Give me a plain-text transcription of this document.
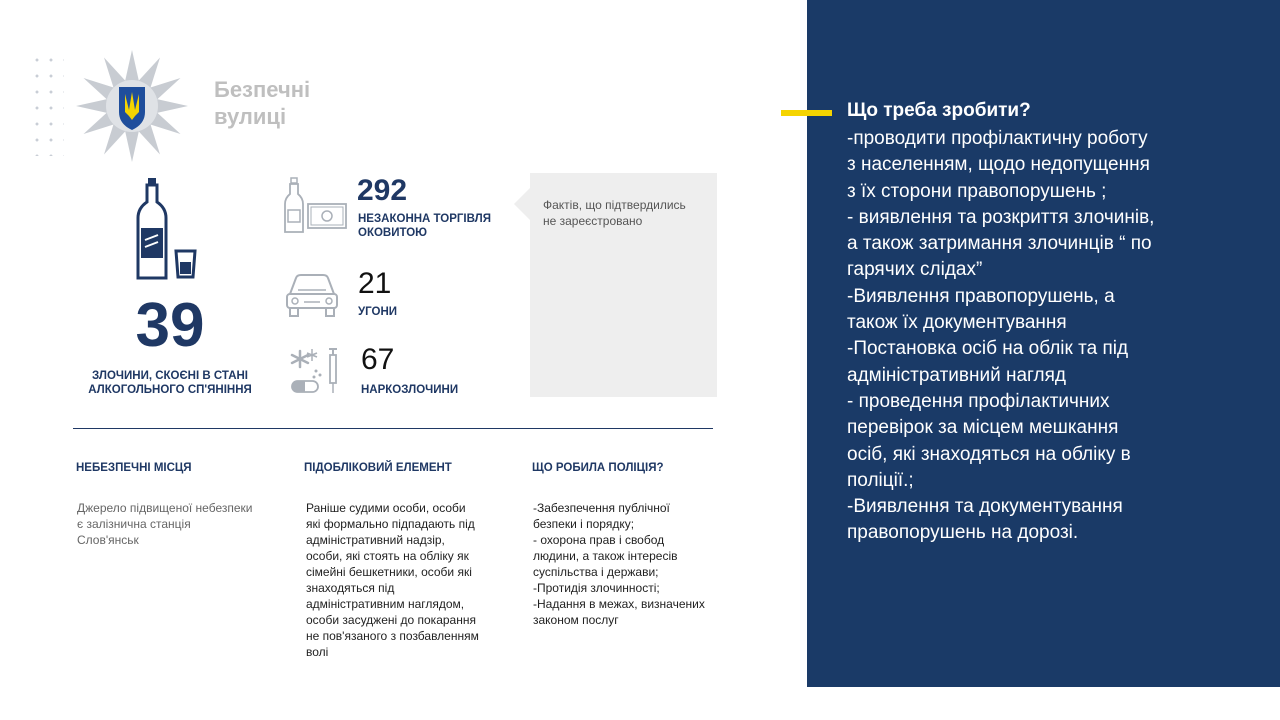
Безпечні
вулиці
39
ЗЛОЧИНИ, СКОЄНІ В СТАНІ
АЛКОГОЛЬНОГО СП'ЯНІННЯ
292
НЕЗАКОННА ТОРГІВЛЯ
ОКОВИТОЮ
21
УГОНИ
67
НАРКОЗЛОЧИНИ
Фактів, що підтвердились
не зареєстровано
НЕБЕЗПЕЧНІ МІСЦЯ
Джерело підвищеної небезпеки
є залізнична станція
Слов'янськ
ПІДОБЛІКОВИЙ ЕЛЕМЕНТ
Раніше судими особи, особи
які формально підпадають під
адміністративний надзір,
особи, які стоять на обліку як
сімейні бешкетники, особи які
знаходяться під
адміністративним наглядом,
особи засуджені до покарання
не пов'язаного з позбавленням
волі
ЩО РОБИЛА ПОЛІЦІЯ?
-Забезпечення публічної
безпеки і порядку;
- охорона прав і свобод
людини, а також інтересів
суспільства і держави;
-Протидія злочинності;
-Надання в межах, визначених
законом послуг
Що треба зробити?

-проводити профілактичну роботу

з населенням, щодо недопущення

з їх сторони правопорушень ;

- виявлення та розкриття злочинів,

а також затримання злочинців “ по

гарячих слідах”

-Виявлення правопорушень, а

також їх документування

-Постановка осіб на облік та під

адміністративний нагляд

- проведення профілактичних

перевірок за місцем мешкання

осіб, які знаходяться на обліку в

поліції.;

-Виявлення та документування

правопорушень на дорозі.
